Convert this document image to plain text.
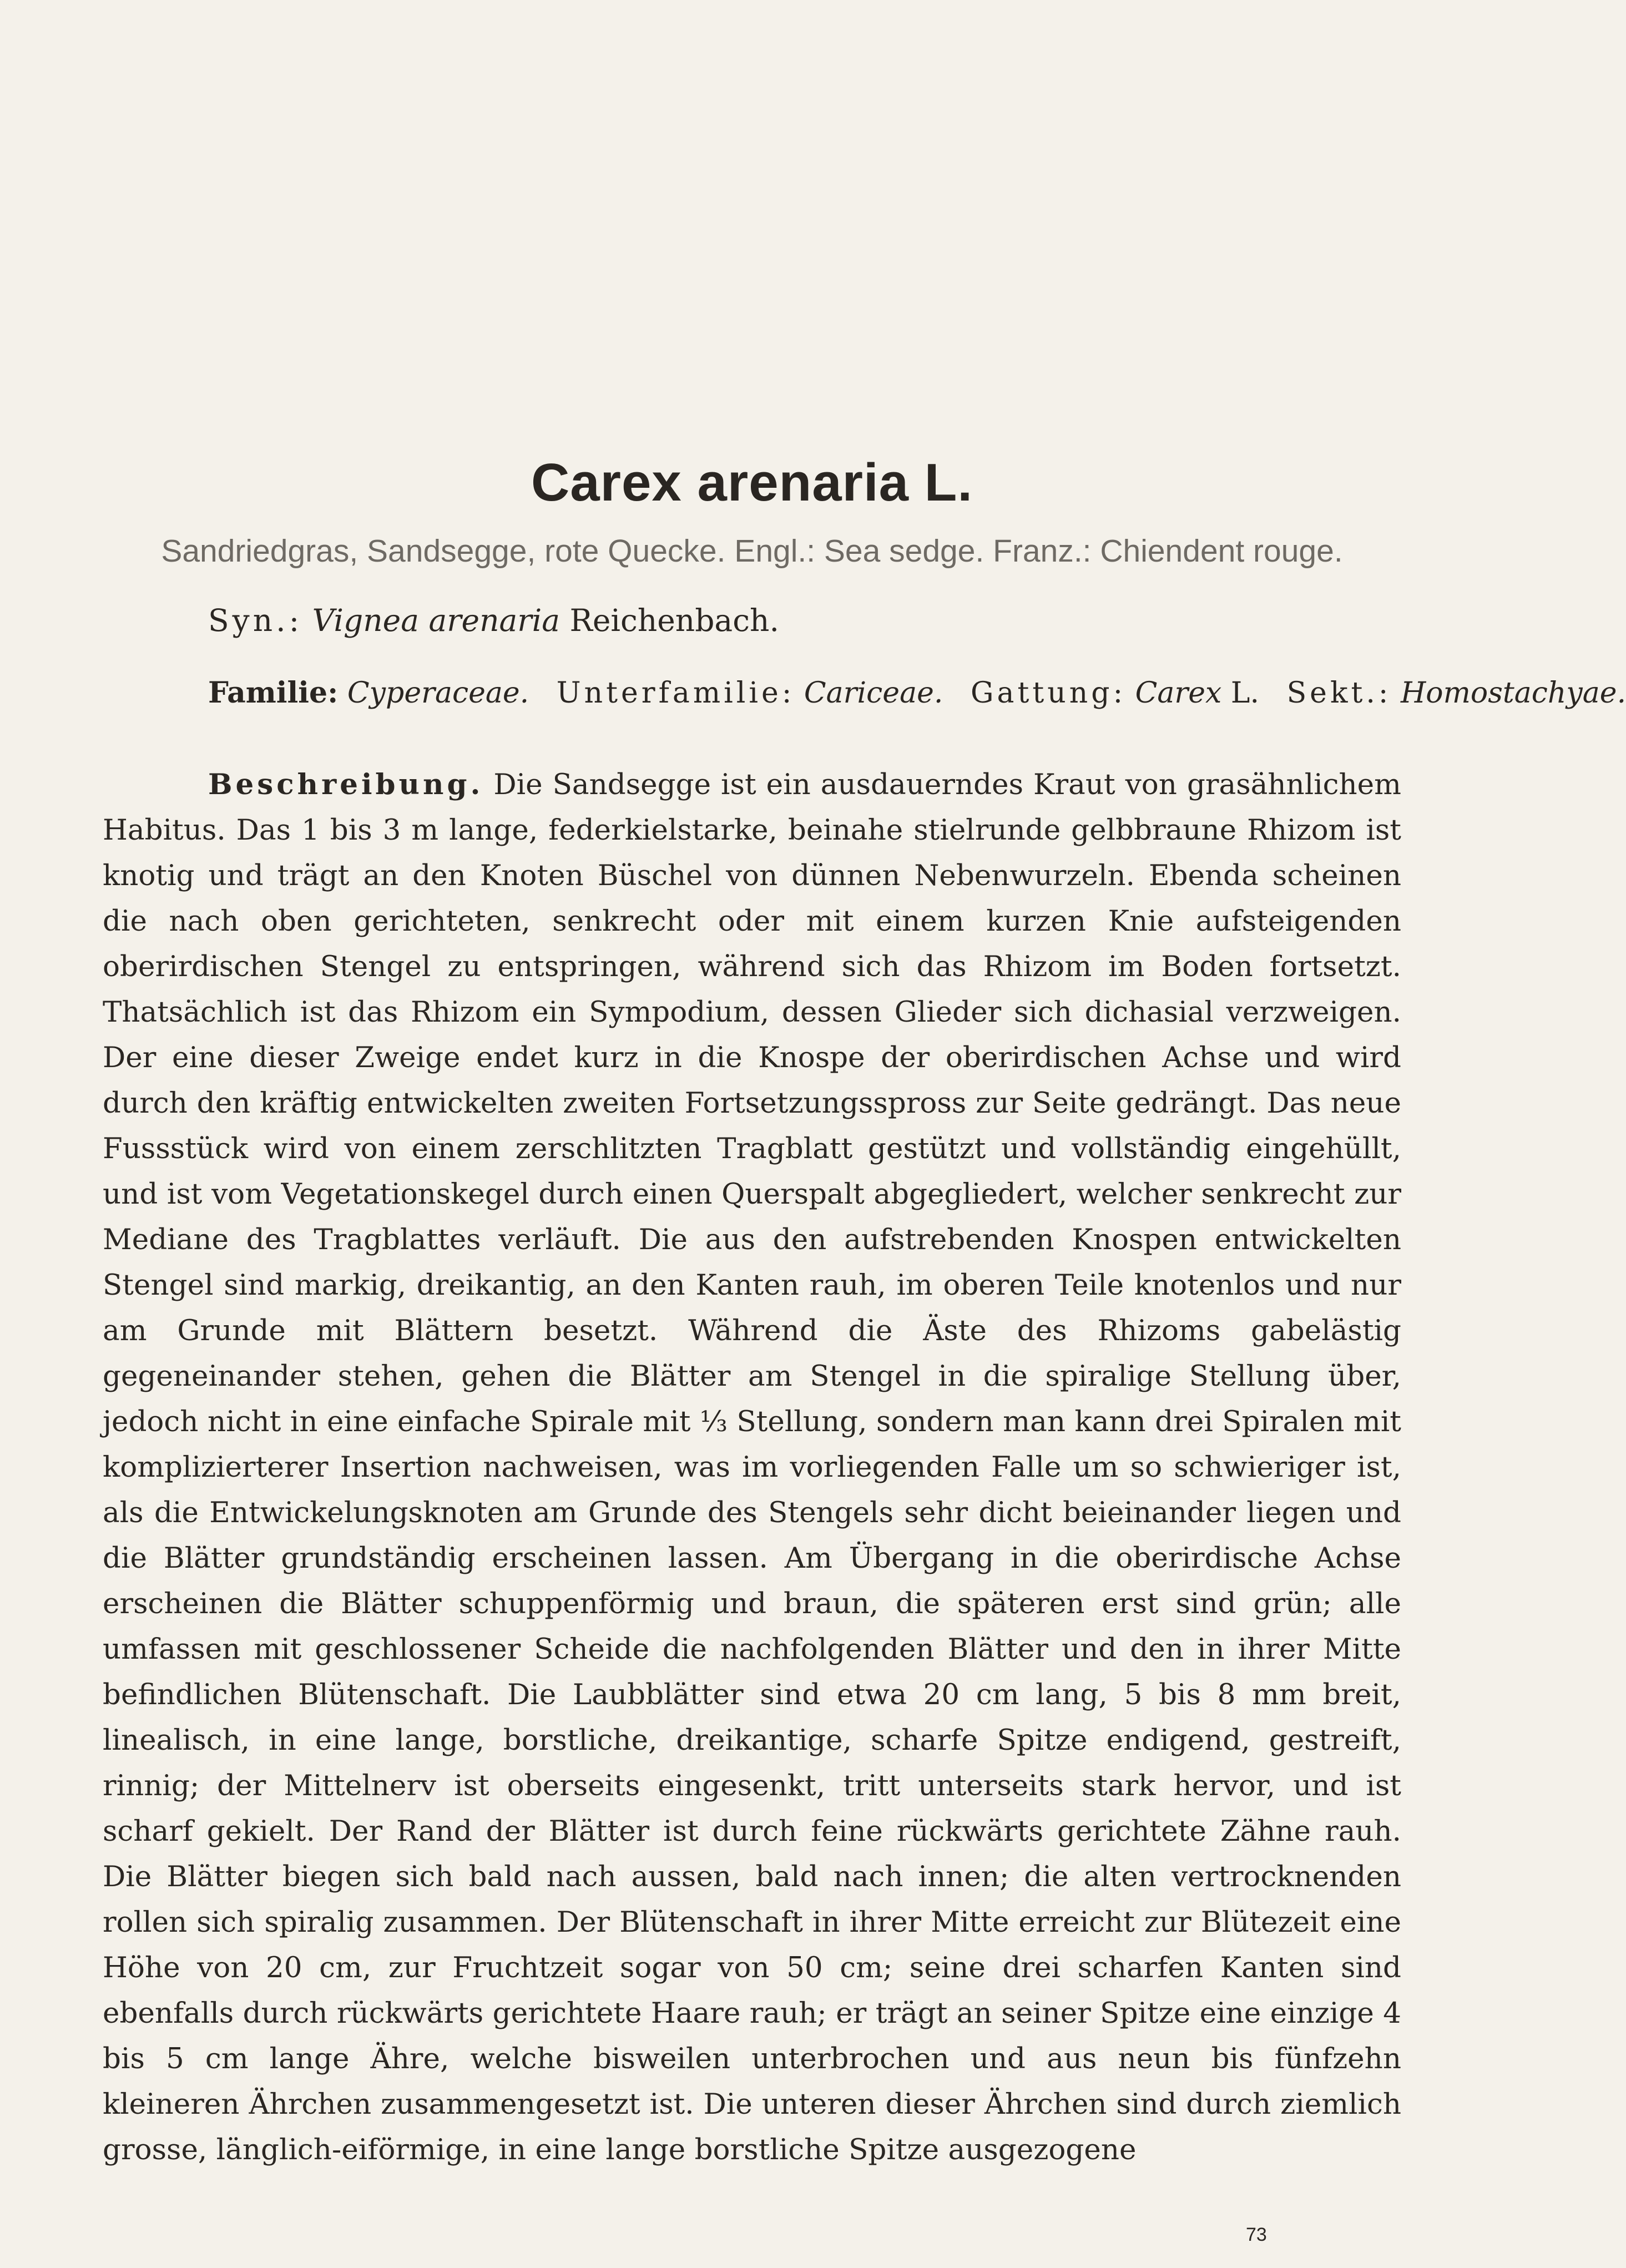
Carex arenaria L.
Sandriedgras, Sandsegge, rote Quecke. Engl.: Sea sedge. Franz.: Chiendent rouge.
Syn.: Vignea arenaria Reichenbach.
Familie: Cyperaceae. Unterfamilie: Cariceae. Gattung: Carex L. Sekt.: Homostachyae.

Beschreibung. Die Sandsegge ist ein ausdauerndes Kraut von grasähnlichem Habitus. Das 1 bis 3 m lange, federkielstarke, beinahe stielrunde gelbbraune Rhizom ist knotig und trägt an den Knoten Büschel von dünnen Nebenwurzeln. Ebenda scheinen die nach oben gerichteten, senkrecht oder mit einem kurzen Knie aufsteigenden oberirdischen Stengel zu entspringen, während sich das Rhizom im Boden fortsetzt. Thatsächlich ist das Rhizom ein Sympodium, dessen Glieder sich dichasial verzweigen. Der eine dieser Zweige endet kurz in die Knospe der oberirdischen Achse und wird durch den kräftig entwickelten zweiten Fortsetzungsspross zur Seite gedrängt. Das neue Fussstück wird von einem zerschlitzten Tragblatt gestützt und vollständig eingehüllt, und ist vom Vegetationskegel durch einen Querspalt abgegliedert, welcher senkrecht zur Mediane des Tragblattes verläuft. Die aus den aufstrebenden Knospen entwickelten Stengel sind markig, dreikantig, an den Kanten rauh, im oberen Teile knotenlos und nur am Grunde mit Blättern besetzt. Während die Äste des Rhizoms gabelästig gegeneinander stehen, gehen die Blätter am Stengel in die spiralige Stellung über, jedoch nicht in eine einfache Spirale mit ⅓ Stellung, sondern man kann drei Spiralen mit komplizierterer Insertion nachweisen, was im vorliegenden Falle um so schwieriger ist, als die Entwickelungsknoten am Grunde des Stengels sehr dicht beieinander liegen und die Blätter grundständig erscheinen lassen. Am Übergang in die oberirdische Achse erscheinen die Blätter schuppenförmig und braun, die späteren erst sind grün; alle umfassen mit geschlossener Scheide die nachfolgenden Blätter und den in ihrer Mitte befindlichen Blütenschaft. Die Laubblätter sind etwa 20 cm lang, 5 bis 8 mm breit, linealisch, in eine lange, borstliche, dreikantige, scharfe Spitze endigend, gestreift, rinnig; der Mittelnerv ist oberseits eingesenkt, tritt unterseits stark hervor, und ist scharf gekielt. Der Rand der Blätter ist durch feine rückwärts gerichtete Zähne rauh. Die Blätter biegen sich bald nach aussen, bald nach innen; die alten vertrocknenden rollen sich spiralig zusammen. Der Blütenschaft in ihrer Mitte erreicht zur Blütezeit eine Höhe von 20 cm, zur Fruchtzeit sogar von 50 cm; seine drei scharfen Kanten sind ebenfalls durch rückwärts gerichtete Haare rauh; er trägt an seiner Spitze eine einzige 4 bis 5 cm lange Ähre, welche bisweilen unterbrochen und aus neun bis fünfzehn kleineren Ährchen zusammengesetzt ist. Die unteren dieser Ährchen sind durch ziemlich grosse, länglich-eiförmige, in eine lange borstliche Spitze ausgezogene

73
